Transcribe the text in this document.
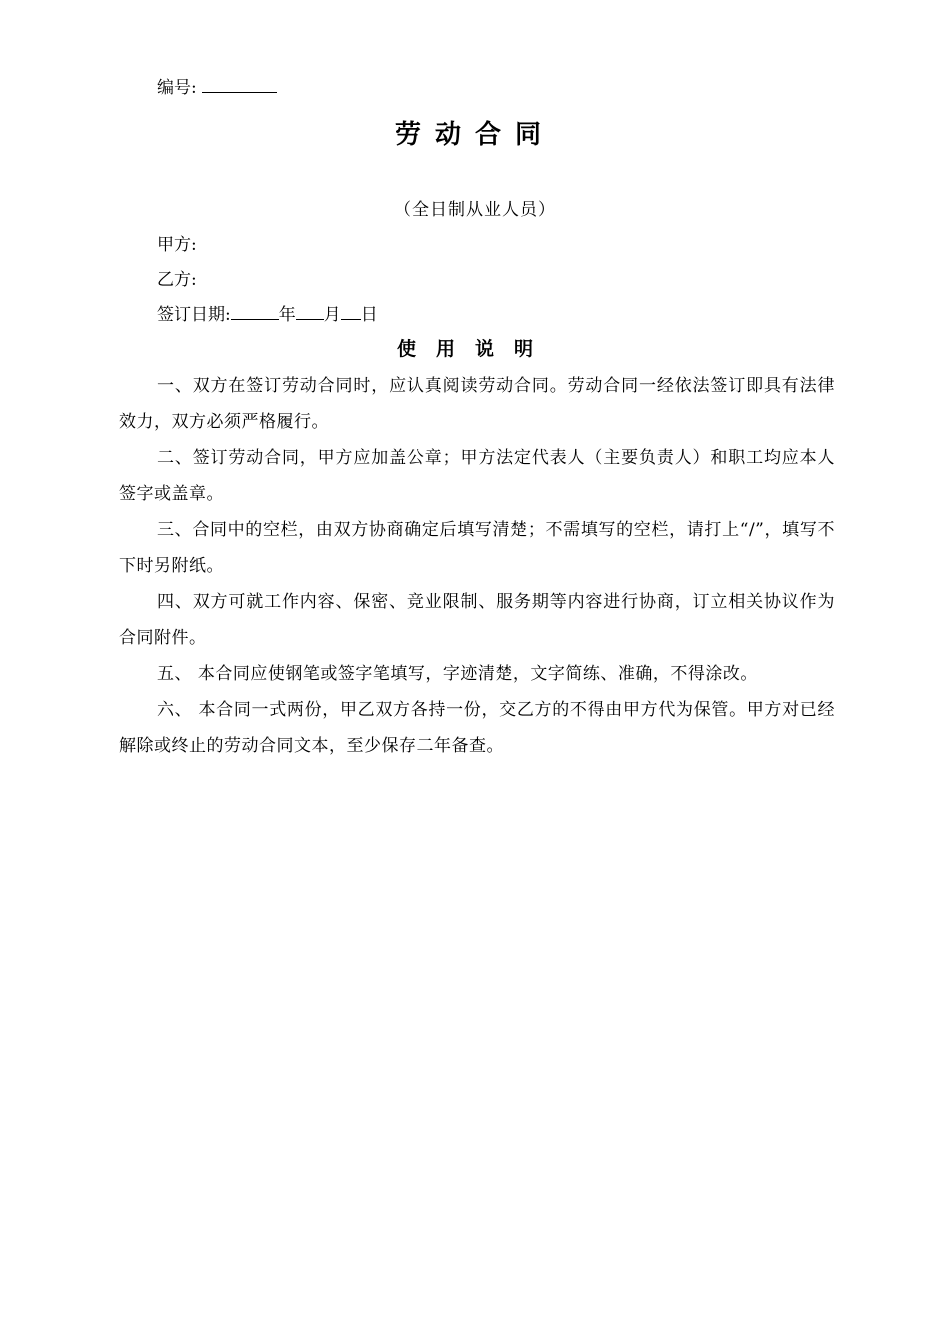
编号:
劳动合同
（全日制从业人员）
甲方:
乙方:
签订日期:	年 月 日
使用说明

一、双方在签订劳动合同时，应认真阅读劳动合同。劳动合同一经依法签订即具有法律效力，双方必须严格履行。

二、签订劳动合同，甲方应加盖公章；甲方法定代表人（主要负责人）和职工均应本人签字或盖章。

三、合同中的空栏，由双方协商确定后填写清楚；不需填写的空栏，请打上“/”，填写不下时另附纸。

四、双方可就工作内容、保密、竞业限制、服务期等内容进行协商，订立相关协议作为合同附件。

五、 本合同应使钢笔或签字笔填写，字迹清楚，文字简练、准确，不得涂改。

六、 本合同一式两份，甲乙双方各持一份，交乙方的不得由甲方代为保管。甲方对已经解除或终止的劳动合同文本，至少保存二年备查。
